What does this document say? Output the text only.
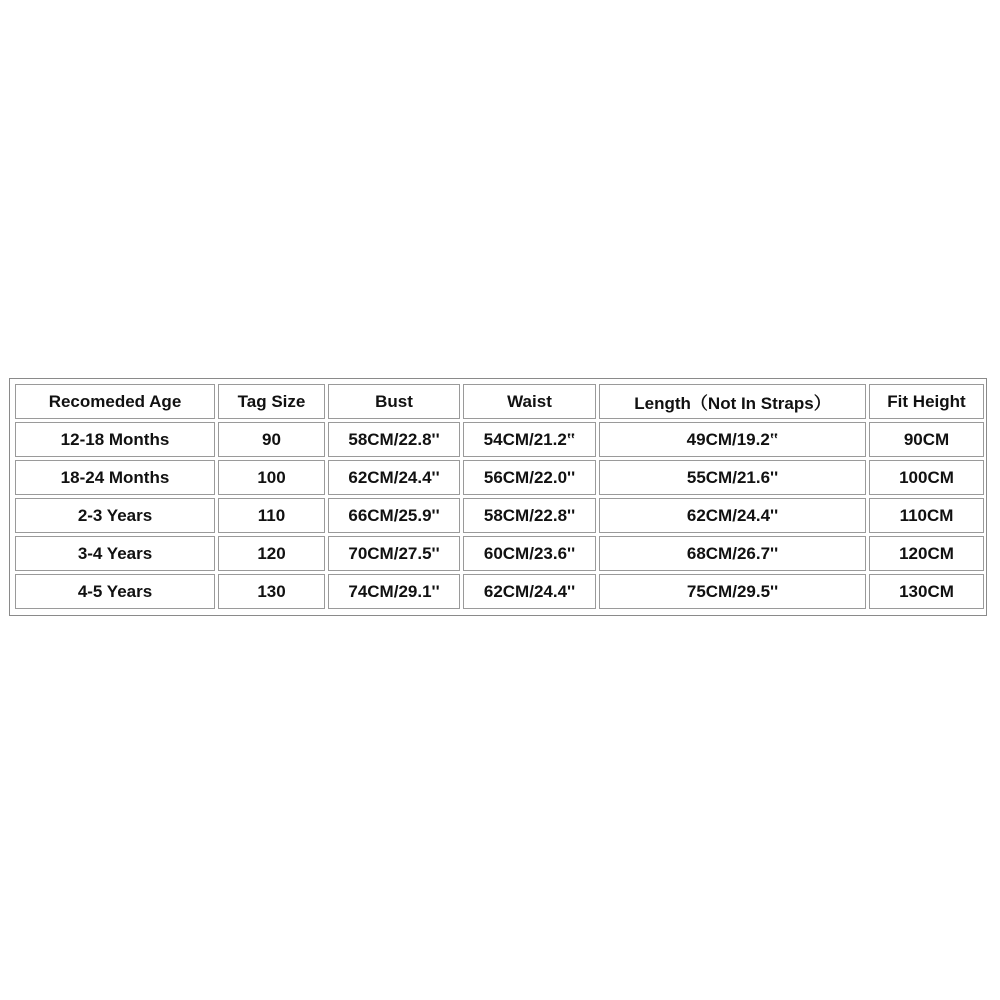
Recomeded Age	Tag Size	Bust	Waist	Length（Not In Straps）	Fit Height
12-18 Months	90	58CM/22.8''	54CM/21.2‟	49CM/19.2‟	90CM
18-24 Months	100	62CM/24.4''	56CM/22.0''	55CM/21.6''	100CM
2-3 Years	110	66CM/25.9''	58CM/22.8''	62CM/24.4''	110CM
3-4 Years	120	70CM/27.5''	60CM/23.6''	68CM/26.7''	120CM
4-5 Years	130	74CM/29.1''	62CM/24.4''	75CM/29.5''	130CM
